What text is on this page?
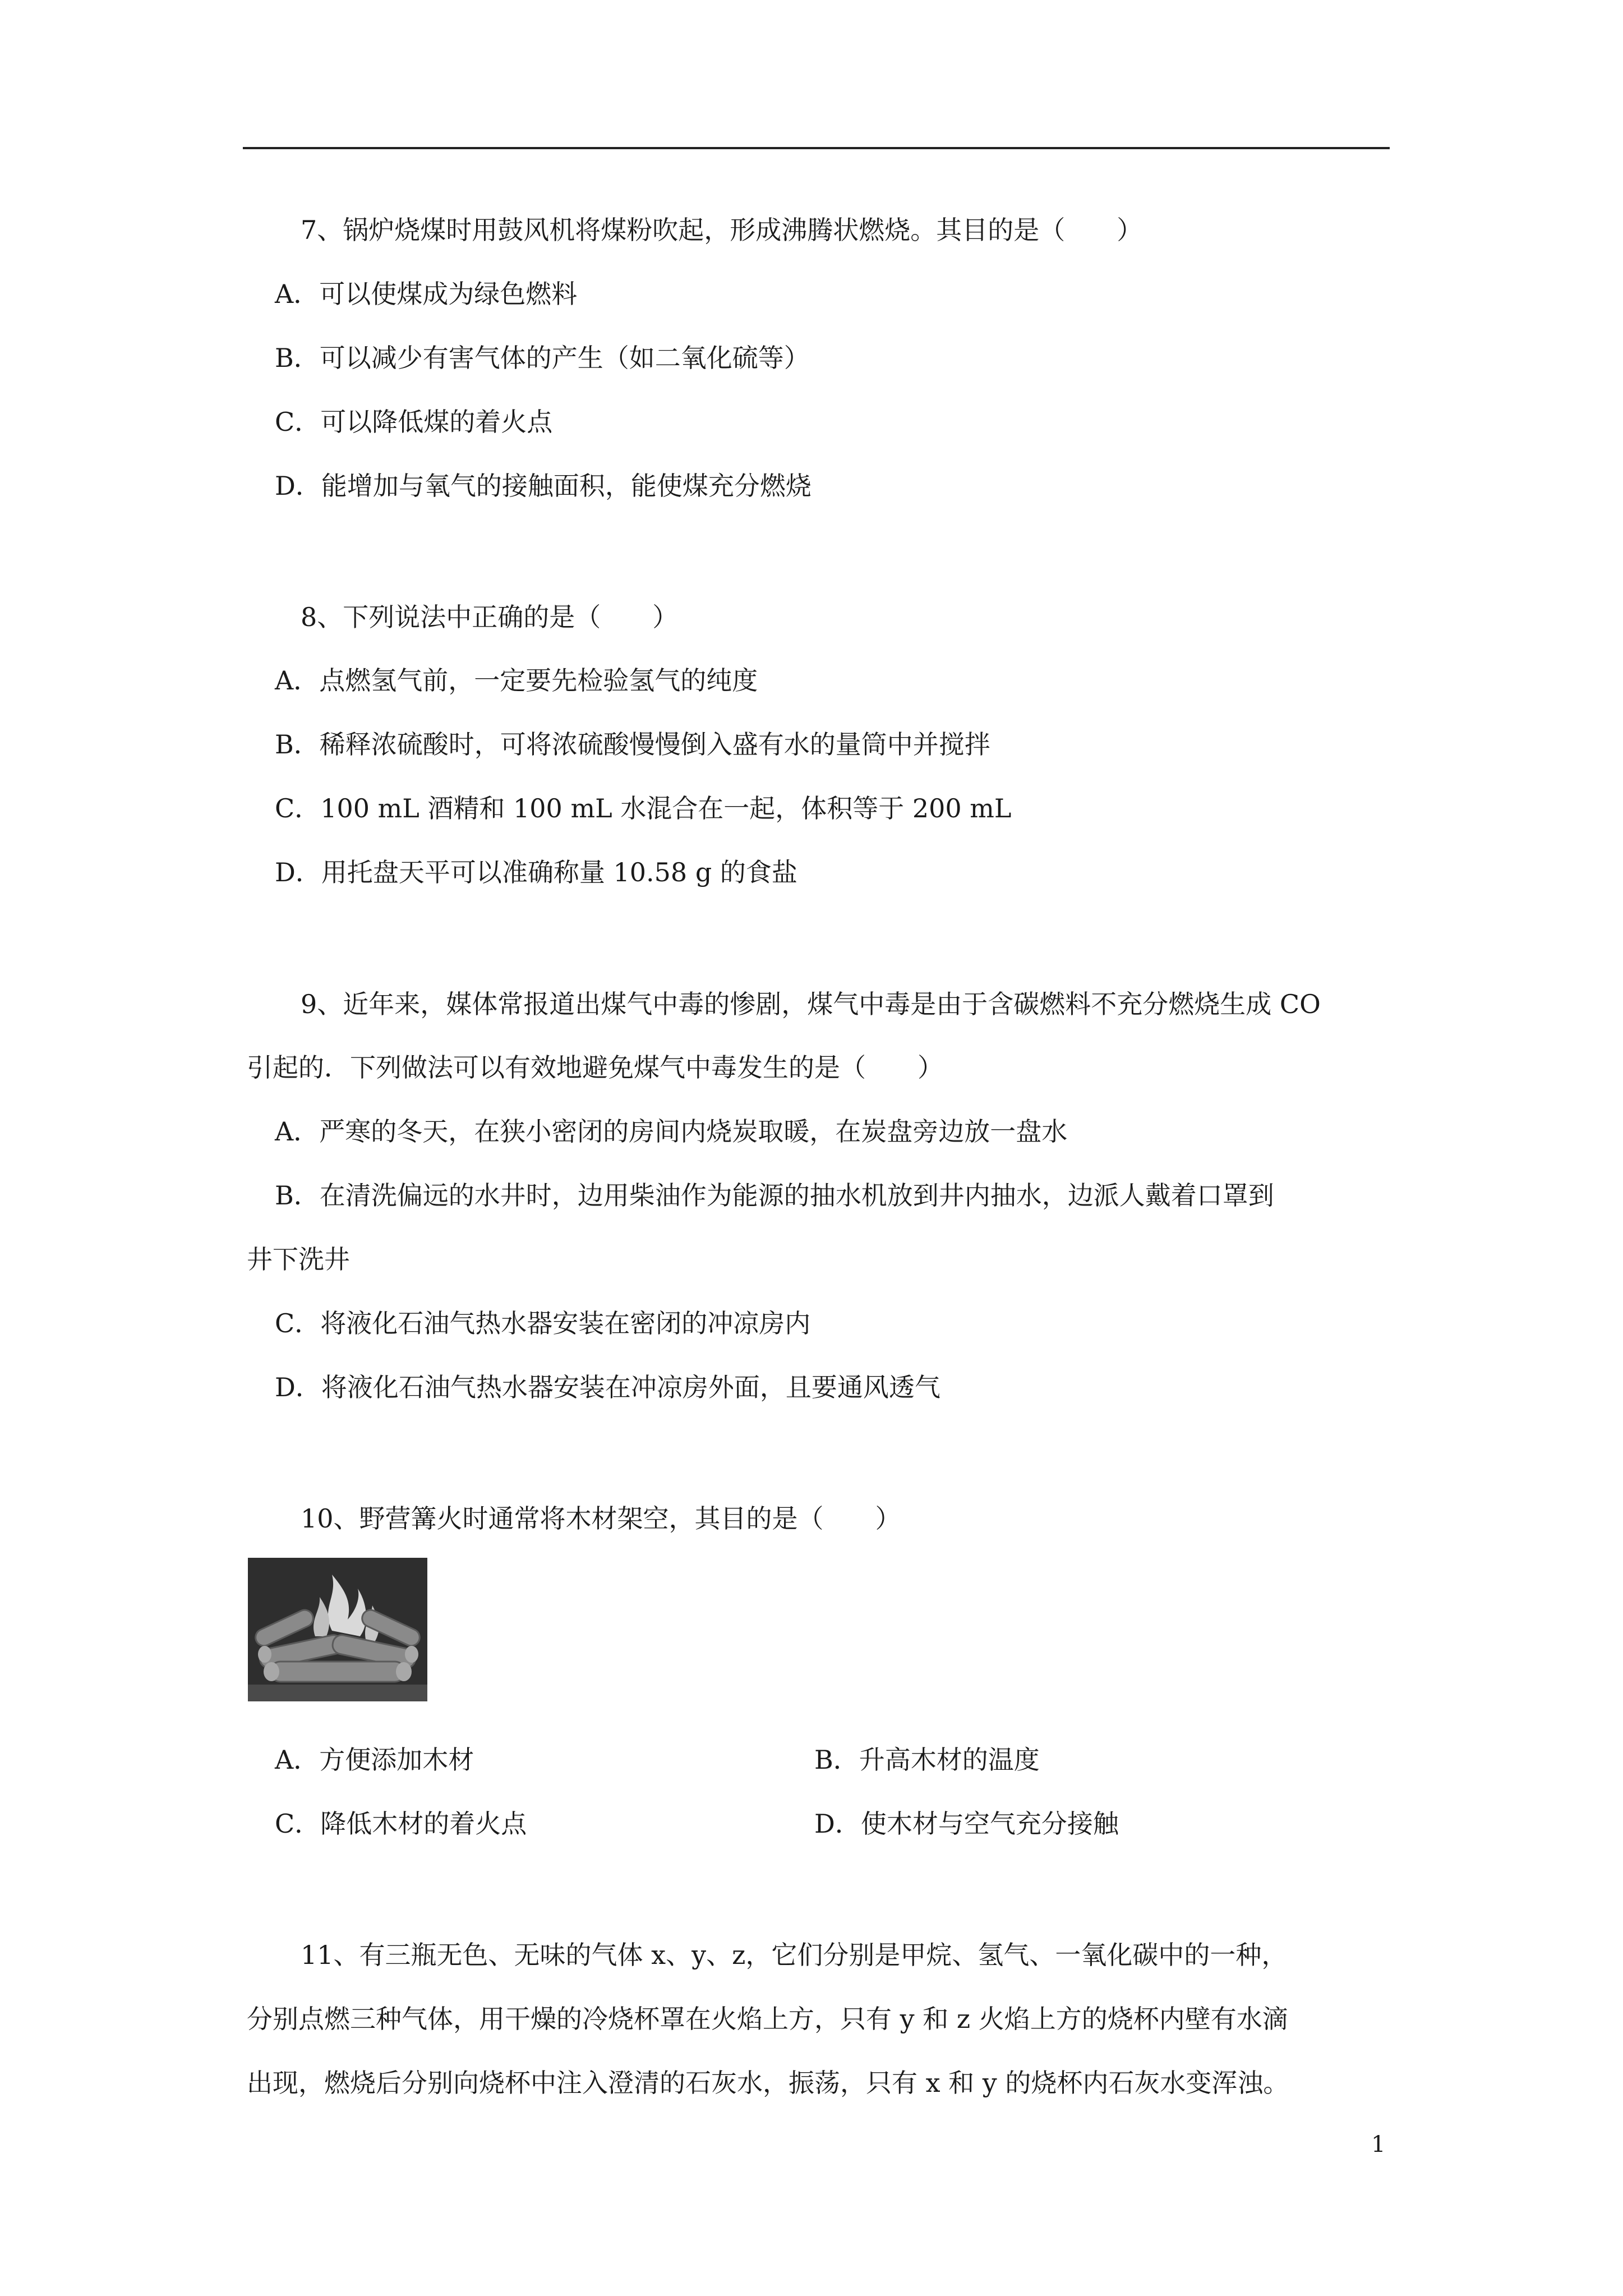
7、锅炉烧煤时用鼓风机将煤粉吹起，形成沸腾状燃烧。其目的是（　　）
A．可以使煤成为绿色燃料
B．可以减少有害气体的产生（如二氧化硫等）
C．可以降低煤的着火点
D．能增加与氧气的接触面积，能使煤充分燃烧
8、下列说法中正确的是（　　）
A．点燃氢气前，一定要先检验氢气的纯度
B．稀释浓硫酸时，可将浓硫酸慢慢倒入盛有水的量筒中并搅拌
C．100 mL 酒精和 100 mL 水混合在一起，体积等于 200 mL
D．用托盘天平可以准确称量 10.58 g 的食盐
9、近年来，媒体常报道出煤气中毒的惨剧，煤气中毒是由于含碳燃料不充分燃烧生成 CO
引起的．下列做法可以有效地避免煤气中毒发生的是（　　）
A．严寒的冬天，在狭小密闭的房间内烧炭取暖，在炭盘旁边放一盘水
B．在清洗偏远的水井时，边用柴油作为能源的抽水机放到井内抽水，边派人戴着口罩到
井下洗井
C．将液化石油气热水器安装在密闭的冲凉房内
D．将液化石油气热水器安装在冲凉房外面，且要通风透气
10、野营篝火时通常将木材架空，其目的是（　　）
A．方便添加木材	B．升高木材的温度
C．降低木材的着火点	D．使木材与空气充分接触
11、有三瓶无色、无味的气体 x、y、z，它们分别是甲烷、氢气、一氧化碳中的一种，
分别点燃三种气体，用干燥的冷烧杯罩在火焰上方，只有 y 和 z 火焰上方的烧杯内壁有水滴
出现，燃烧后分别向烧杯中注入澄清的石灰水，振荡，只有 x 和 y 的烧杯内石灰水变浑浊。
1
